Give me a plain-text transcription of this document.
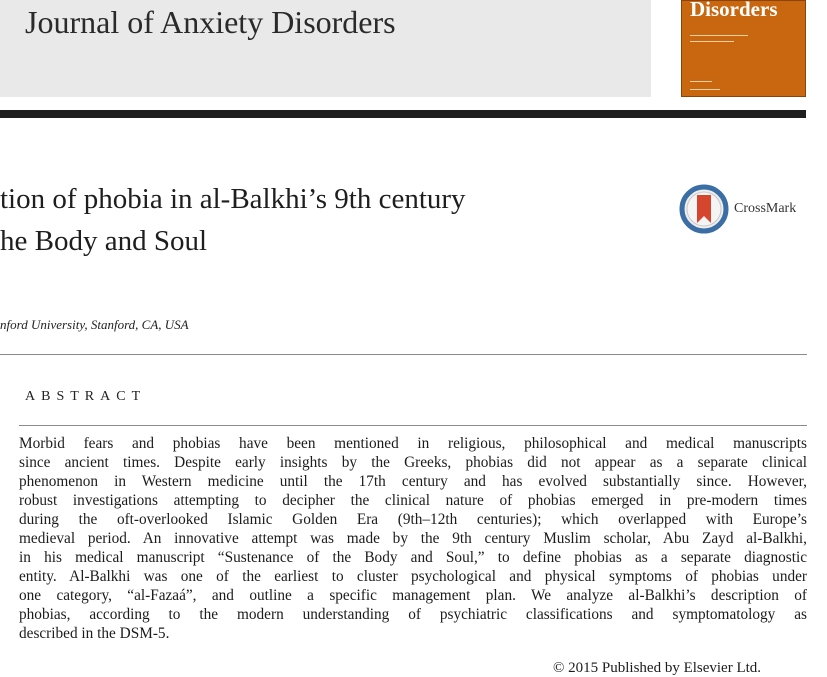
Journal of Anxiety Disorders	Disorders
tion of phobia in al-Balkhi’s 9th century
he Body and Soul
CrossMark
nford University, Stanford, CA, USA
ABSTRACT
Morbid fears and phobias have been mentioned in religious, philosophical and medical manuscripts
since ancient times. Despite early insights by the Greeks, phobias did not appear as a separate clinical
phenomenon in Western medicine until the 17th century and has evolved substantially since. However,
robust investigations attempting to decipher the clinical nature of phobias emerged in pre-modern times
during the oft-overlooked Islamic Golden Era (9th–12th centuries); which overlapped with Europe’s
medieval period. An innovative attempt was made by the 9th century Muslim scholar, Abu Zayd al-Balkhi,
in his medical manuscript “Sustenance of the Body and Soul,” to define phobias as a separate diagnostic
entity. Al-Balkhi was one of the earliest to cluster psychological and physical symptoms of phobias under
one category, “al-Fazaá”, and outline a specific management plan. We analyze al-Balkhi’s description of
phobias, according to the modern understanding of psychiatric classifications and symptomatology as
described in the DSM-5.
© 2015 Published by Elsevier Ltd.
